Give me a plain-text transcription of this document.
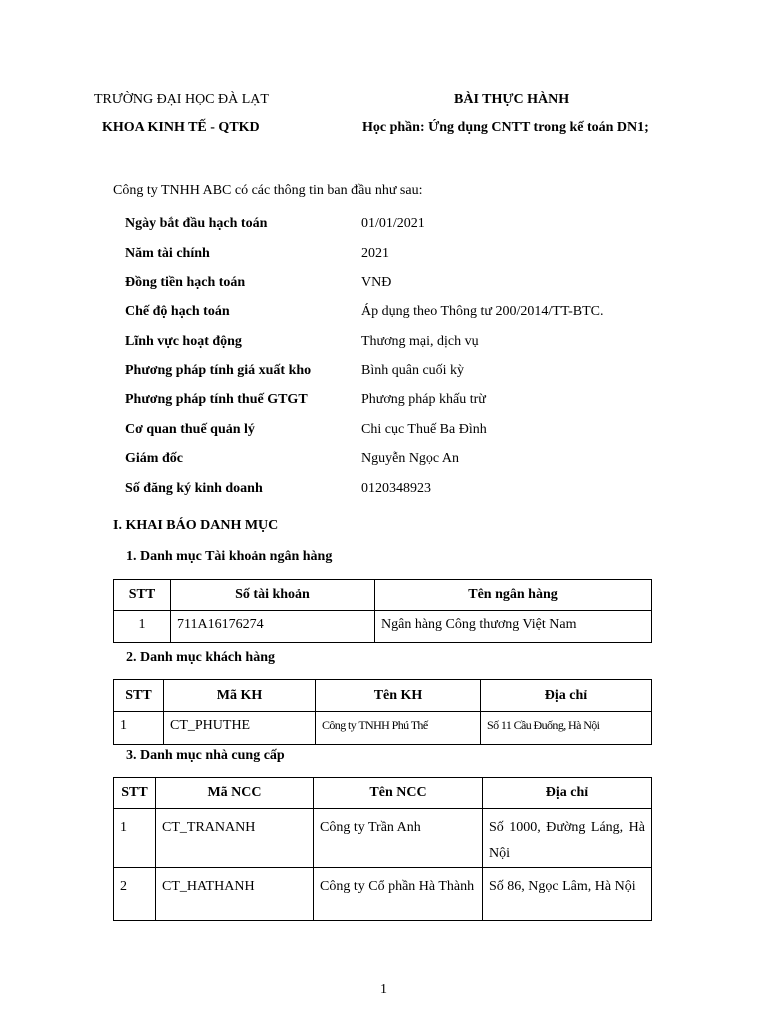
TRƯỜNG ĐẠI HỌC ĐÀ LẠT
KHOA KINH TẾ - QTKD
BÀI THỰC HÀNH
Học phần: Ứng dụng CNTT trong kế toán DN1;
Công ty TNHH ABC có các thông tin ban đầu như sau:
Ngày bắt đầu hạch toán	01/01/2021
Năm tài chính	2021
Đồng tiền hạch toán	VNĐ
Chế độ hạch toán	Áp dụng theo Thông tư 200/2014/TT-BTC.
Lĩnh vực hoạt động	Thương mại, dịch vụ
Phương pháp tính giá xuất kho	Bình quân cuối kỳ
Phương pháp tính thuế GTGT	Phương pháp khấu trừ
Cơ quan thuế quản lý	Chi cục Thuế Ba Đình
Giám đốc	Nguyễn Ngọc An
Số đăng ký kinh doanh	0120348923
I. KHAI BÁO DANH MỤC
1. Danh mục Tài khoản ngân hàng
STT	Số tài khoản	Tên ngân hàng
1	711A16176274	Ngân hàng Công thương Việt Nam
2. Danh mục khách hàng
STT	Mã KH	Tên KH	Địa chỉ
1	CT_PHUTHE	Công ty TNHH Phú Thế	Số 11 Cầu Đuống, Hà Nội
3. Danh mục nhà cung cấp
STT	Mã NCC	Tên NCC	Địa chỉ
1	CT_TRANANH	Công ty Trần Anh	Số 1000, Đường Láng, Hà Nội
2	CT_HATHANH	Công ty Cổ phần Hà Thành	Số 86, Ngọc Lâm, Hà Nội
1
